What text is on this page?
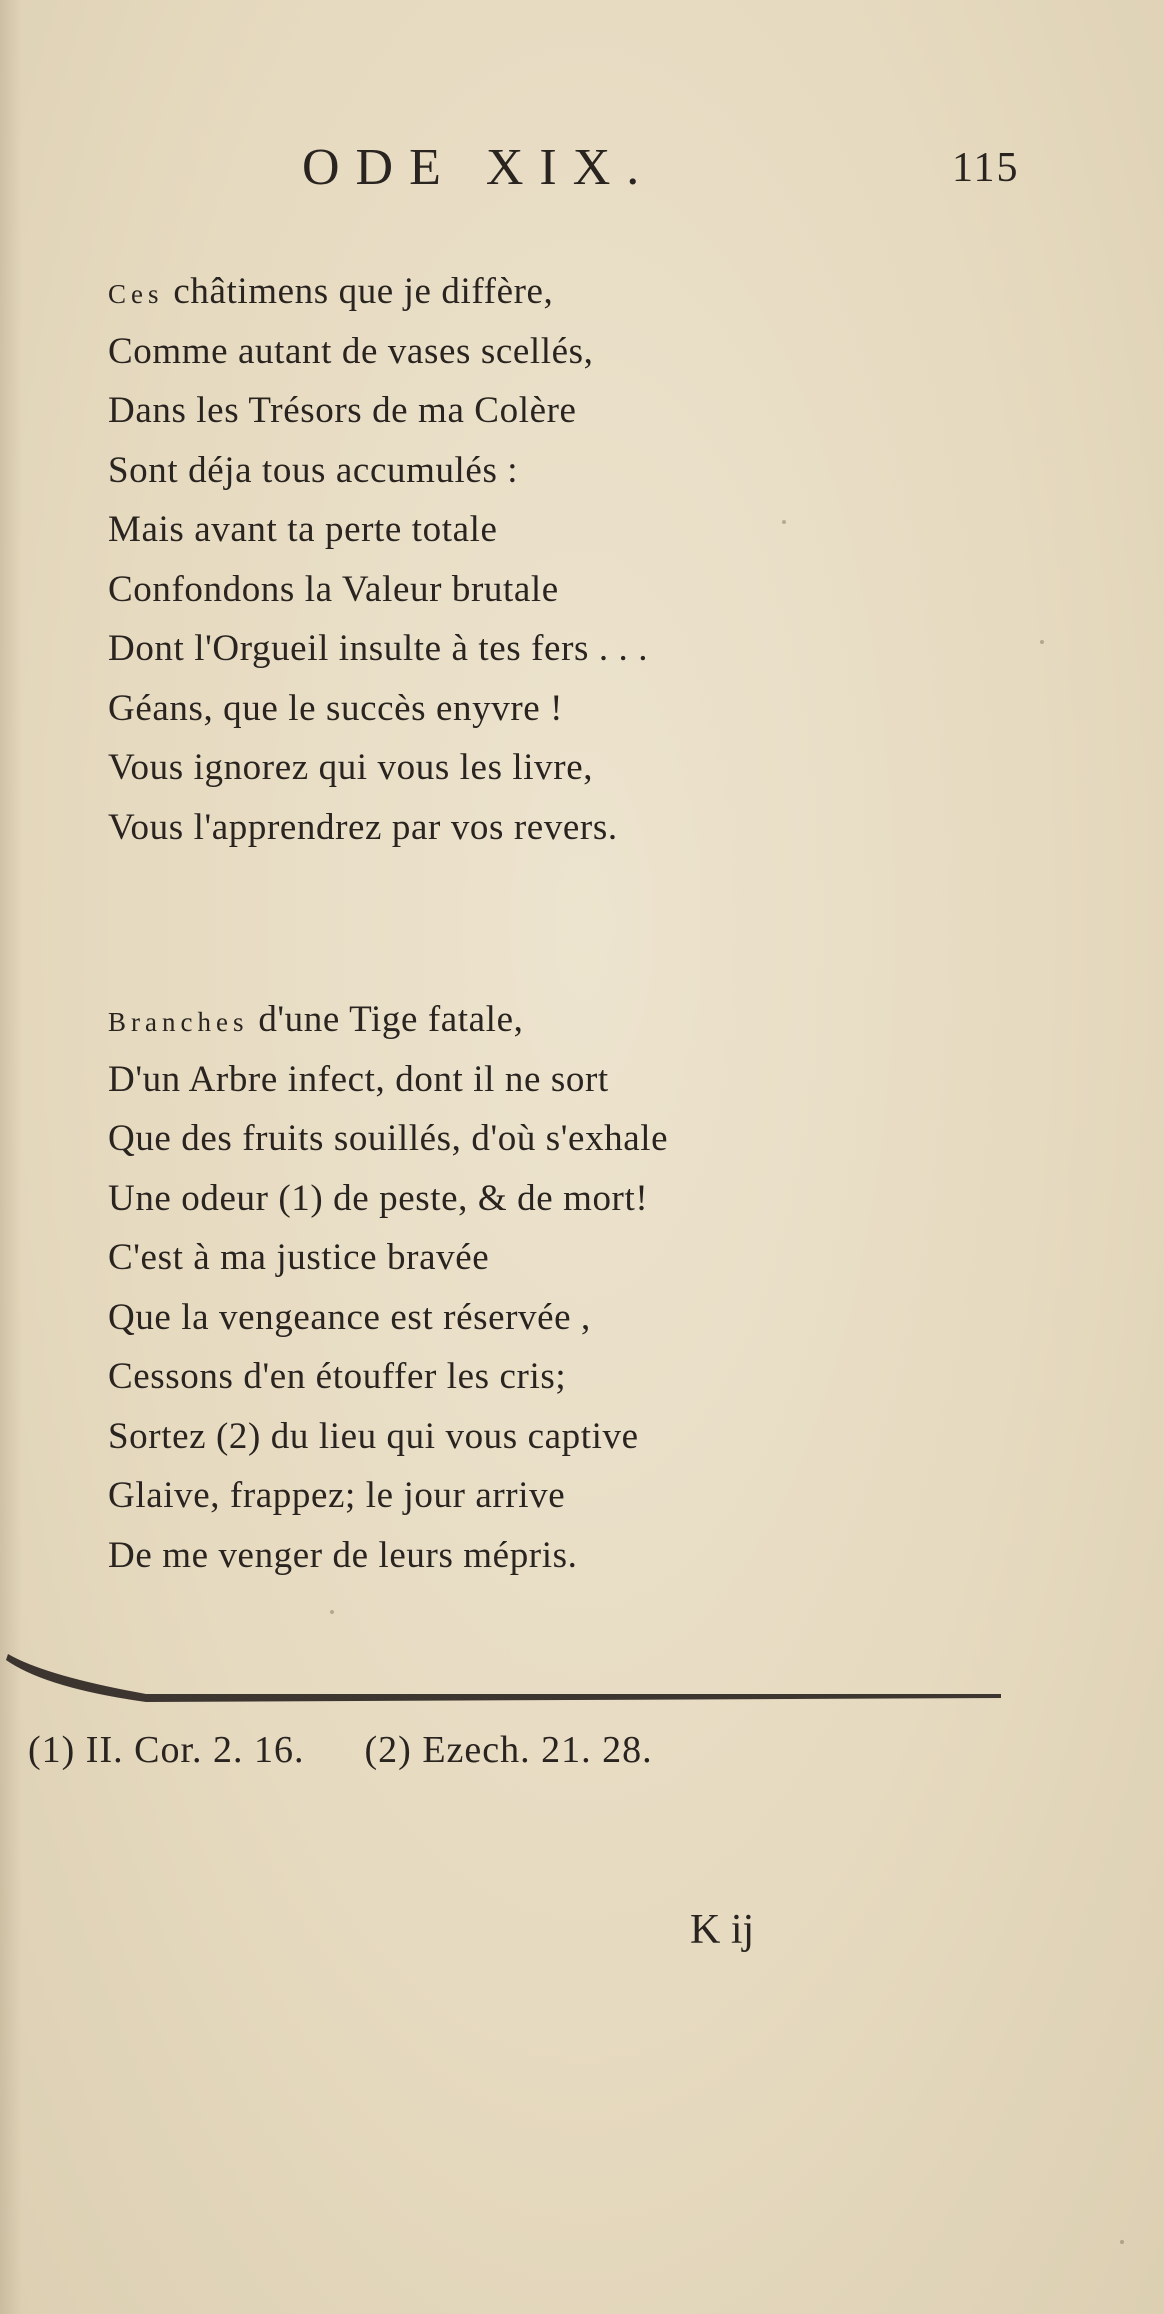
ODE XIX.	115
Ces châtimens que je diffère,
Comme autant de vases scellés,
Dans les Trésors de ma Colère
Sont déja tous accumulés :
Mais avant ta perte totale
Confondons la Valeur brutale
Dont l'Orgueil insulte à tes fers . . .
Géans, que le succès enyvre !
Vous ignorez qui vous les livre,
Vous l'apprendrez par vos revers.
Branches d'une Tige fatale,
D'un Arbre infect, dont il ne sort
Que des fruits souillés, d'où s'exhale
Une odeur (1) de peste, & de mort!
C'est à ma justice bravée
Que la vengeance est réservée ,
Cessons d'en étouffer les cris;
Sortez (2) du lieu qui vous captive
Glaive, frappez; le jour arrive
De me venger de leurs mépris.
(1) II. Cor. 2. 16. (2) Ezech. 21. 28.
K ij
